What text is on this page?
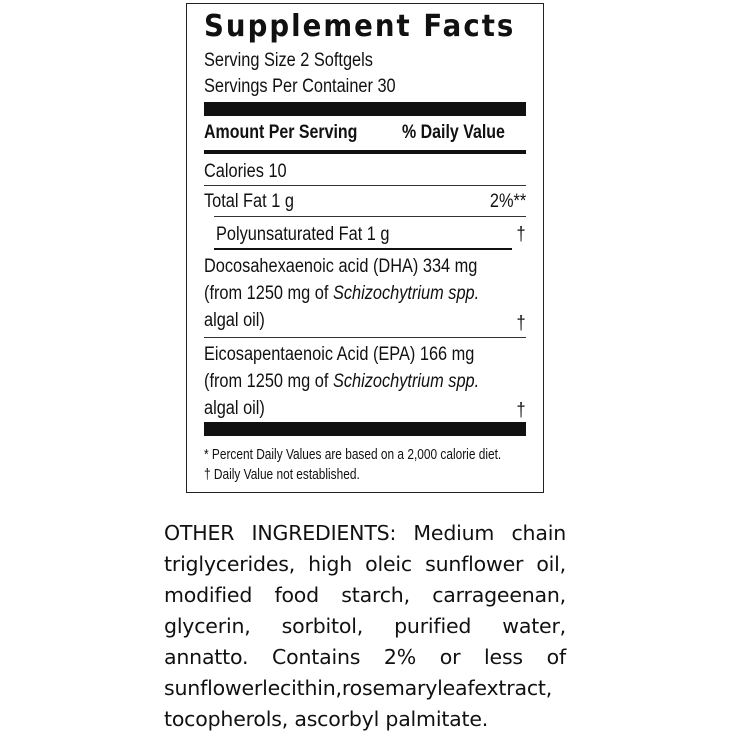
Supplement Facts
Serving Size 2 Softgels
Servings Per Container 30
Amount Per Serving % Daily Value
Calories 10
Total Fat 1 g	2%**
Polyunsaturated Fat 1 g	†
Docosahexaenoic acid (DHA) 334 mg
(from 1250 mg of Schizochytrium spp.
algal oil)	†
Eicosapentaenoic Acid (EPA) 166 mg
(from 1250 mg of Schizochytrium spp.
algal oil)	†
* Percent Daily Values are based on a 2,000 calorie diet.
† Daily Value not established.
OTHER INGREDIENTS: Medium chain triglycerides, high oleic sunflower oil, modified food starch, carrageenan, glycerin, sorbitol, purified water, annatto. Contains 2% or less of sunflowerlecithin,rosemaryleafextract, tocopherols, ascorbyl palmitate.
